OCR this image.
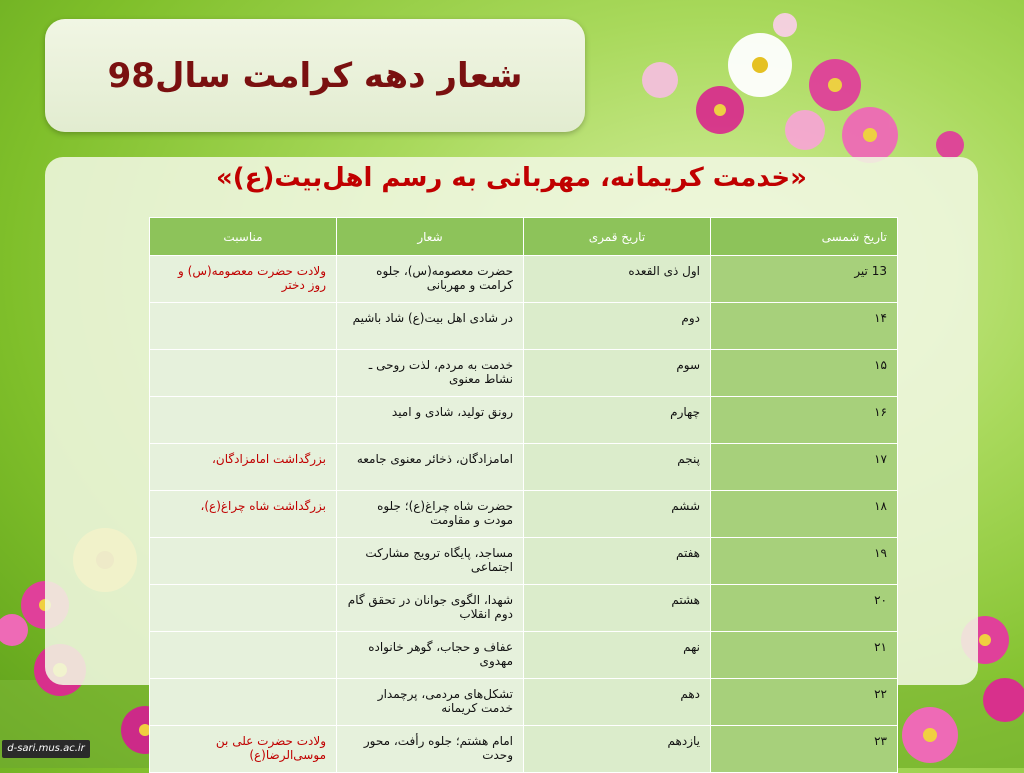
شعار دهه کرامت سال98
«خدمت کریمانه، مهربانی به رسم اهل‌بیت(ع)»
تاریخ شمسی	تاریخ قمری	شعار	مناسبت
13 تیر	اول ذی القعده	حضرت معصومه(س)، جلوه کرامت و مهربانی	ولادت حضرت معصومه(س) و روز دختر
۱۴	دوم	در شادی اهل بیت(ع) شاد باشیم	
۱۵	سوم	خدمت به مردم، لذت روحی ـ نشاط معنوی	
۱۶	چهارم	رونق تولید، شادی و امید	
۱۷	پنجم	امامزادگان، ذخائر معنوی جامعه	بزرگداشت امامزادگان،
۱۸	ششم	حضرت شاه چراغ(ع)؛ جلوه مودت و مقاومت	بزرگداشت شاه چراغ(ع)،
۱۹	هفتم	مساجد، پایگاه ترویج مشارکت اجتماعی	
۲۰	هشتم	شهدا، الگوی جوانان در تحقق گام دوم انقلاب	
۲۱	نهم	عفاف و حجاب، گوهر خانواده مهدوی	
۲۲	دهم	تشکل‌های مردمی، پرچمدار خدمت کریمانه	
۲۳	یازدهم	امام هشتم؛ جلوه رأفت، محور وحدت	ولادت حضرت علی بن موسی‌الرضا(ع)
d-sari.mus.ac.ir
